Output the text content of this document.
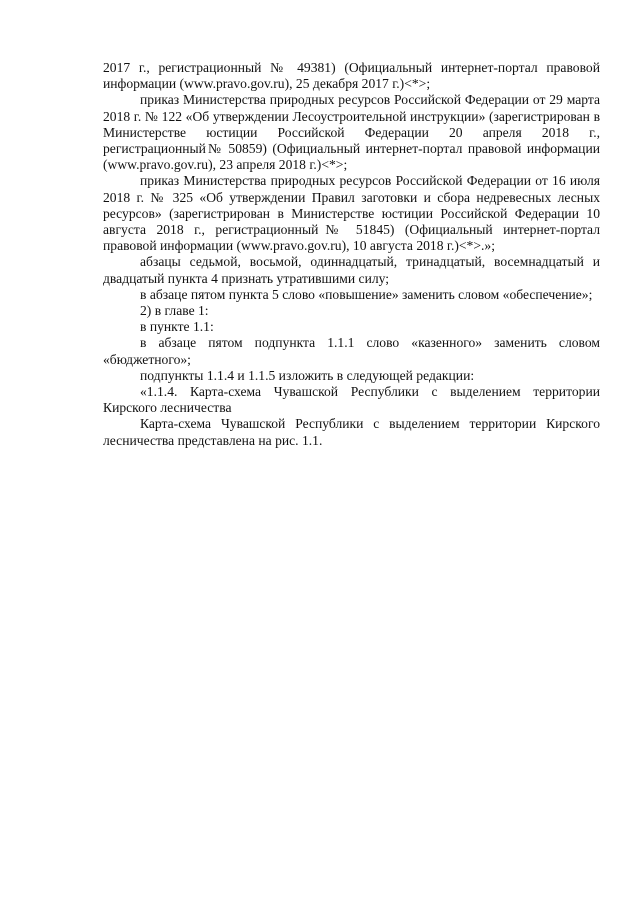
2017 г., регистрационный № 49381) (Официальный интернет-портал правовой информации (www.pravo.gov.ru), 25 декабря 2017 г.)<*>;

приказ Министерства природных ресурсов Российской Федерации от 29 марта 2018 г. № 122 «Об утверждении Лесоустроительной инструкции» (зарегистрирован в Министерстве юстиции Российской Федерации 20 апреля 2018 г., регистрационный№ 50859) (Официальный интернет-портал правовой информации (www.pravo.gov.ru), 23 апреля 2018 г.)<*>;

приказ Министерства природных ресурсов Российской Федерации от 16 июля 2018 г. № 325 «Об утверждении Правил заготовки и сбора недревесных лесных ресурсов» (зарегистрирован в Министерстве юстиции Российской Федерации 10 августа 2018 г., регистрационный№ 51845) (Официальный интернет-портал правовой информации (www.pravo.gov.ru), 10 августа 2018 г.)<*>.»;

абзацы седьмой, восьмой, одиннадцатый, тринадцатый, восемнадцатый и двадцатый пункта 4 признать утратившими силу;

в абзаце пятом пункта 5 слово «повышение» заменить словом «обеспечение»;

2) в главе 1:

в пункте 1.1:

в абзаце пятом подпункта 1.1.1 слово «казенного» заменить словом «бюджетного»;

подпункты 1.1.4 и 1.1.5 изложить в следующей редакции:

«1.1.4. Карта-схема Чувашской Республики с выделением территории Кирского лесничества

Карта-схема Чувашской Республики с выделением территории Кирского лесничества представлена на рис. 1.1.
